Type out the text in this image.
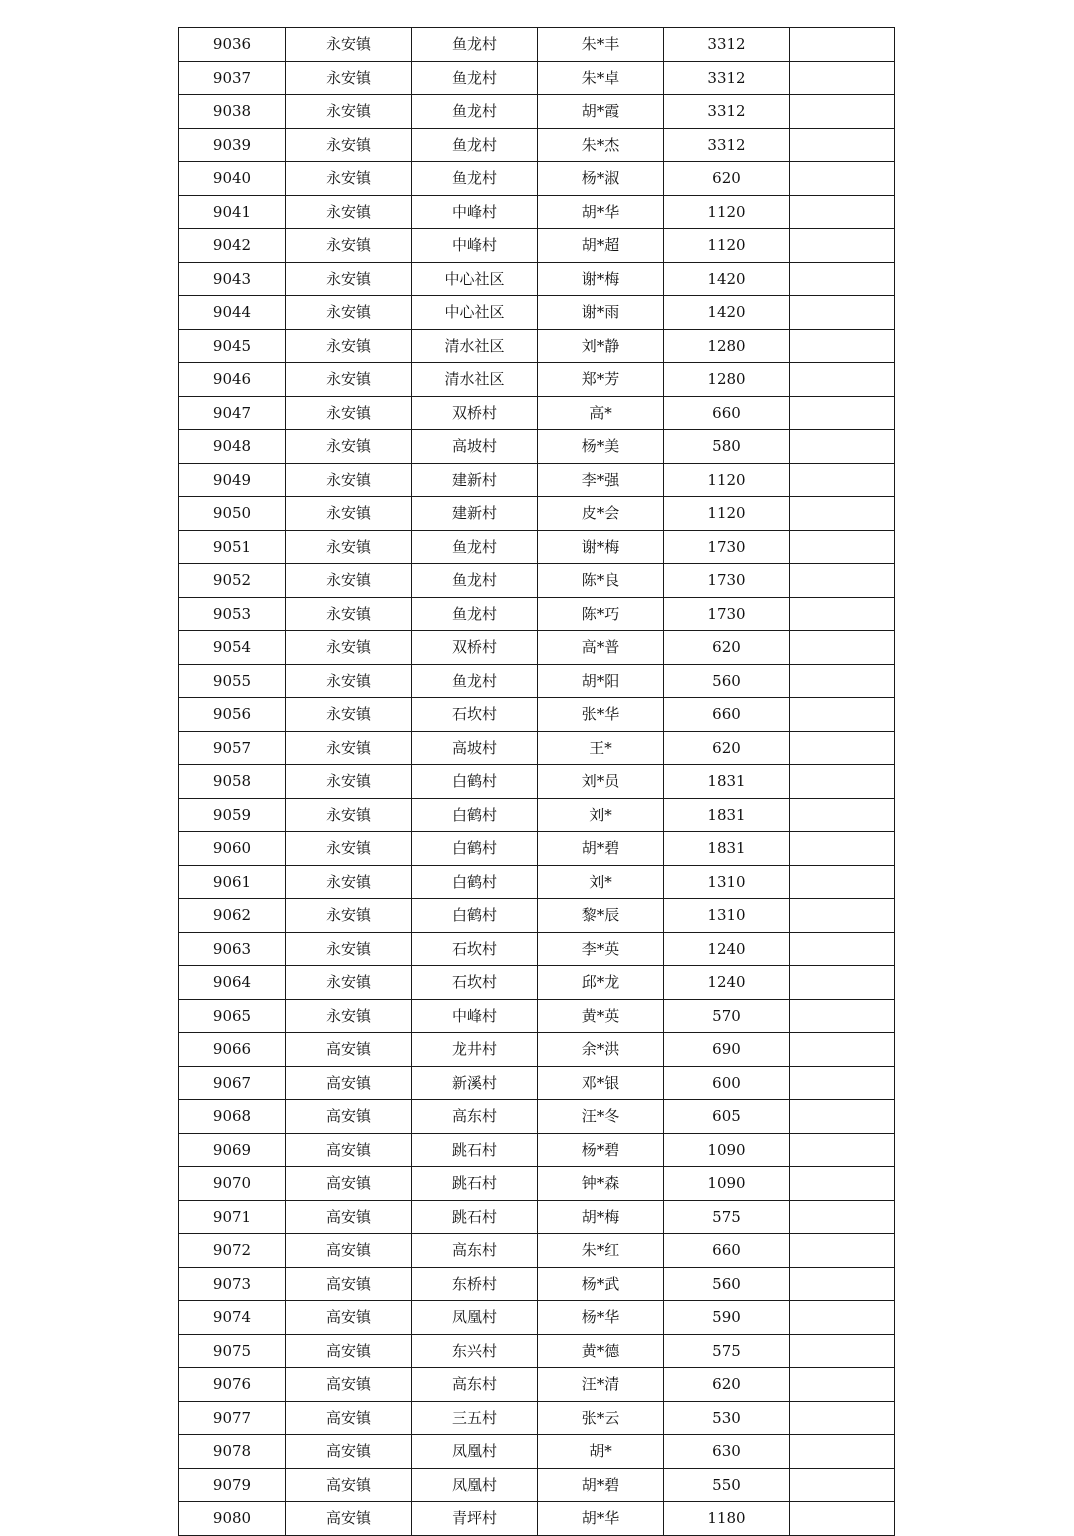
9036	永安镇	鱼龙村	朱*丰	3312	
9037	永安镇	鱼龙村	朱*卓	3312	
9038	永安镇	鱼龙村	胡*霞	3312	
9039	永安镇	鱼龙村	朱*杰	3312	
9040	永安镇	鱼龙村	杨*淑	620	
9041	永安镇	中峰村	胡*华	1120	
9042	永安镇	中峰村	胡*超	1120	
9043	永安镇	中心社区	谢*梅	1420	
9044	永安镇	中心社区	谢*雨	1420	
9045	永安镇	清水社区	刘*静	1280	
9046	永安镇	清水社区	郑*芳	1280	
9047	永安镇	双桥村	高*	660	
9048	永安镇	高坡村	杨*美	580	
9049	永安镇	建新村	李*强	1120	
9050	永安镇	建新村	皮*会	1120	
9051	永安镇	鱼龙村	谢*梅	1730	
9052	永安镇	鱼龙村	陈*良	1730	
9053	永安镇	鱼龙村	陈*巧	1730	
9054	永安镇	双桥村	高*普	620	
9055	永安镇	鱼龙村	胡*阳	560	
9056	永安镇	石坎村	张*华	660	
9057	永安镇	高坡村	王*	620	
9058	永安镇	白鹤村	刘*员	1831	
9059	永安镇	白鹤村	刘*	1831	
9060	永安镇	白鹤村	胡*碧	1831	
9061	永安镇	白鹤村	刘*	1310	
9062	永安镇	白鹤村	黎*辰	1310	
9063	永安镇	石坎村	李*英	1240	
9064	永安镇	石坎村	邱*龙	1240	
9065	永安镇	中峰村	黄*英	570	
9066	高安镇	龙井村	余*洪	690	
9067	高安镇	新溪村	邓*银	600	
9068	高安镇	高东村	汪*冬	605	
9069	高安镇	跳石村	杨*碧	1090	
9070	高安镇	跳石村	钟*森	1090	
9071	高安镇	跳石村	胡*梅	575	
9072	高安镇	高东村	朱*红	660	
9073	高安镇	东桥村	杨*武	560	
9074	高安镇	凤凰村	杨*华	590	
9075	高安镇	东兴村	黄*德	575	
9076	高安镇	高东村	汪*清	620	
9077	高安镇	三五村	张*云	530	
9078	高安镇	凤凰村	胡*	630	
9079	高安镇	凤凰村	胡*碧	550	
9080	高安镇	青坪村	胡*华	1180	
